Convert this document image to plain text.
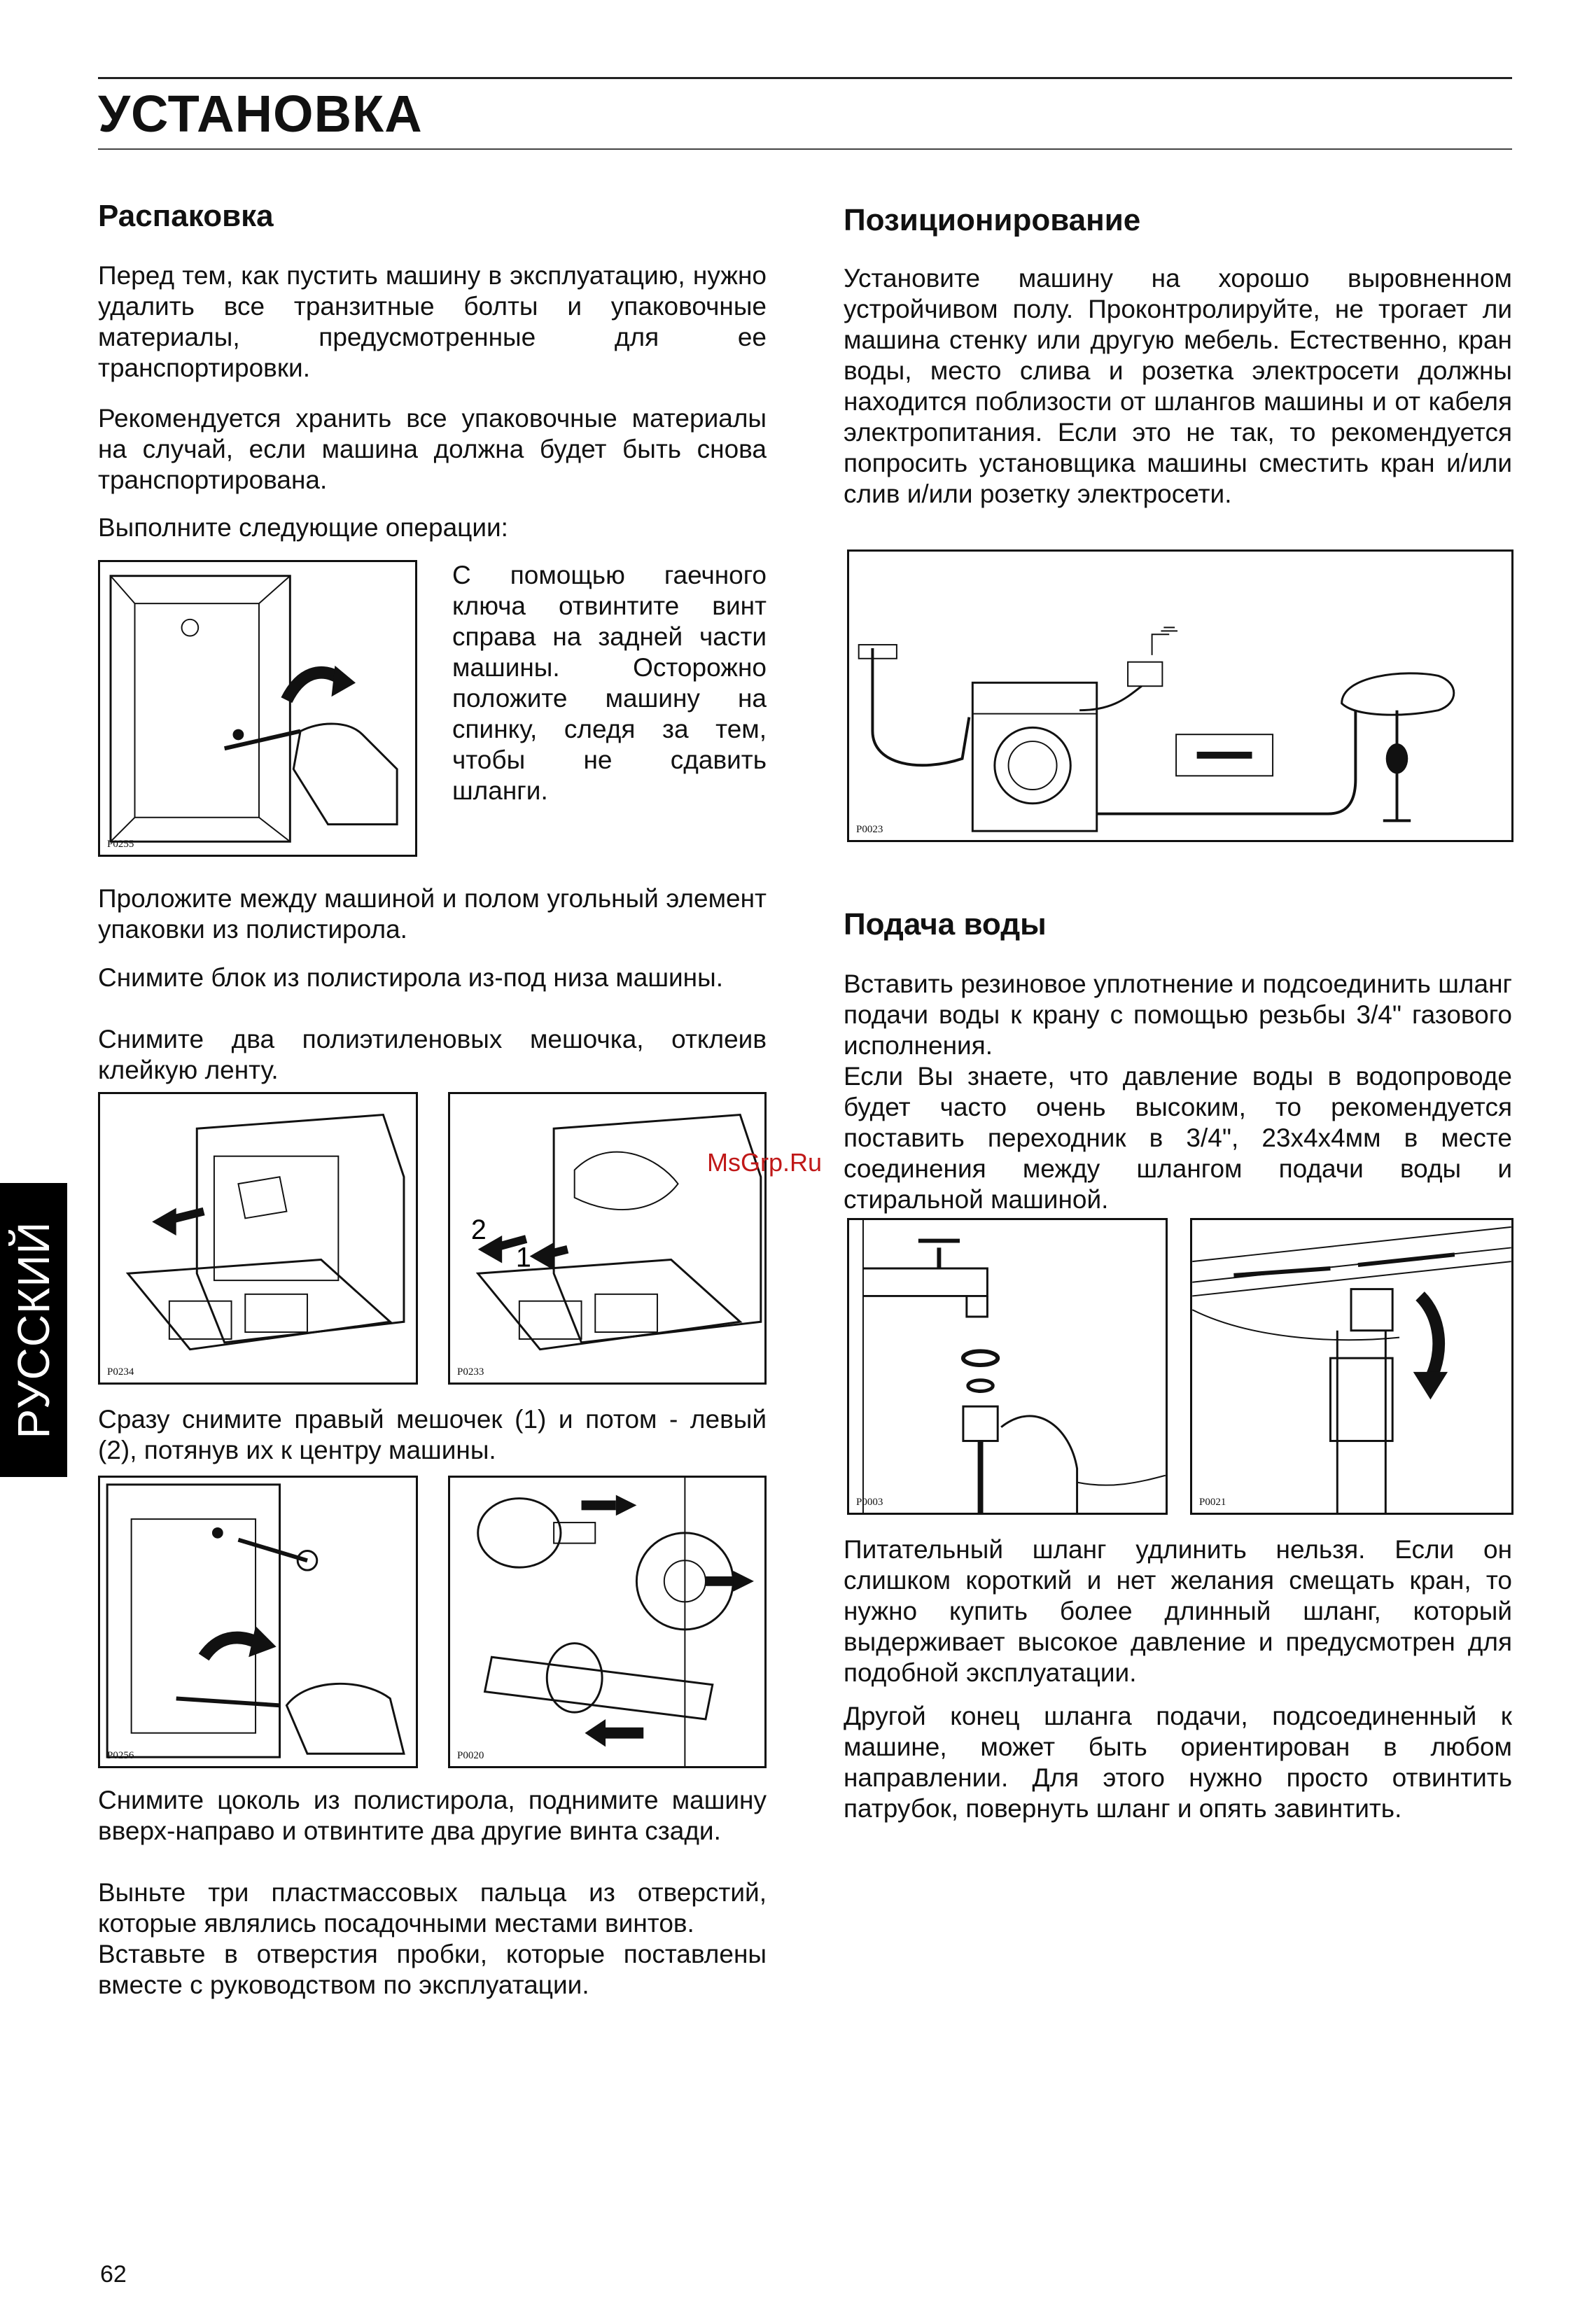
УСТАНОВКА
Распаковка
Перед тем, как пустить машину в эксплуатацию, нужно удалить все транзитные болты и упаковочные материалы, предусмотренные для ее транспортировки.
Рекомендуется хранить все упаковочные материалы на случай, если машина должна будет быть снова транспортирована.
Выполните следующие операции:
P0255
С помощью гаечного ключа отвинтите винт справа на задней части машины. Осторожно положите машину на спинку, следя за тем, чтобы не сдавить шланги.
Проложите между машиной и полом угольный элемент упаковки из полистирола.
Снимите блок из полистирола из-под низа машины.
Снимите два полиэтиленовых мешочка, отклеив клейкую ленту.
P0234
2
1
P0233
Сразу снимите правый мешочек (1) и потом - левый (2), потянув их к центру машины.
P0256	P0020
Снимите цоколь из полистирола, поднимите машину вверх-направо и отвинтите два другие винта сзади.
Выньте три пластмассовых пальца из отверстий, которые являлись посадочными местами винтов.
Вставьте в отверстия пробки, которые поставлены вместе с руководством по эксплуатации.
Позиционирование
Установите машину на хорошо выровненном устройчивом полу. Проконтролируйте, не трогает ли машина стенку или другую мебель. Естественно, кран воды, место слива и розетка электросети должны находится поблизости от шлангов машины и от кабеля электропитания. Если это не так, то рекомендуется попросить установщика машины сместить кран и/или слив и/или розетку электросети.
P0023
Подача воды
Вставить резиновое уплотнение и подсоединить шланг подачи воды к крану с помощью резьбы 3/4" газового исполнения.
Если Вы знаете, что давление воды в водопроводе будет часто очень высоким, то рекомендуется поставить переходник в 3/4", 23x4x4мм в месте соединения между шлангом подачи воды и стиральной машиной.
P0003	P0021
Питательный шланг удлинить нельзя. Если он слишком короткий и нет желания смещать кран, то нужно купить более длинный шланг, который выдерживает высокое давление и предусмотрен для подобной эксплуатации.
Другой конец шланга подачи, подсоединенный к машине, может быть ориентирован в любом направлении. Для этого нужно просто отвинтить патрубок, повернуть шланг и опять завинтить.
MsGrp.Ru
РУССКИЙ
62
